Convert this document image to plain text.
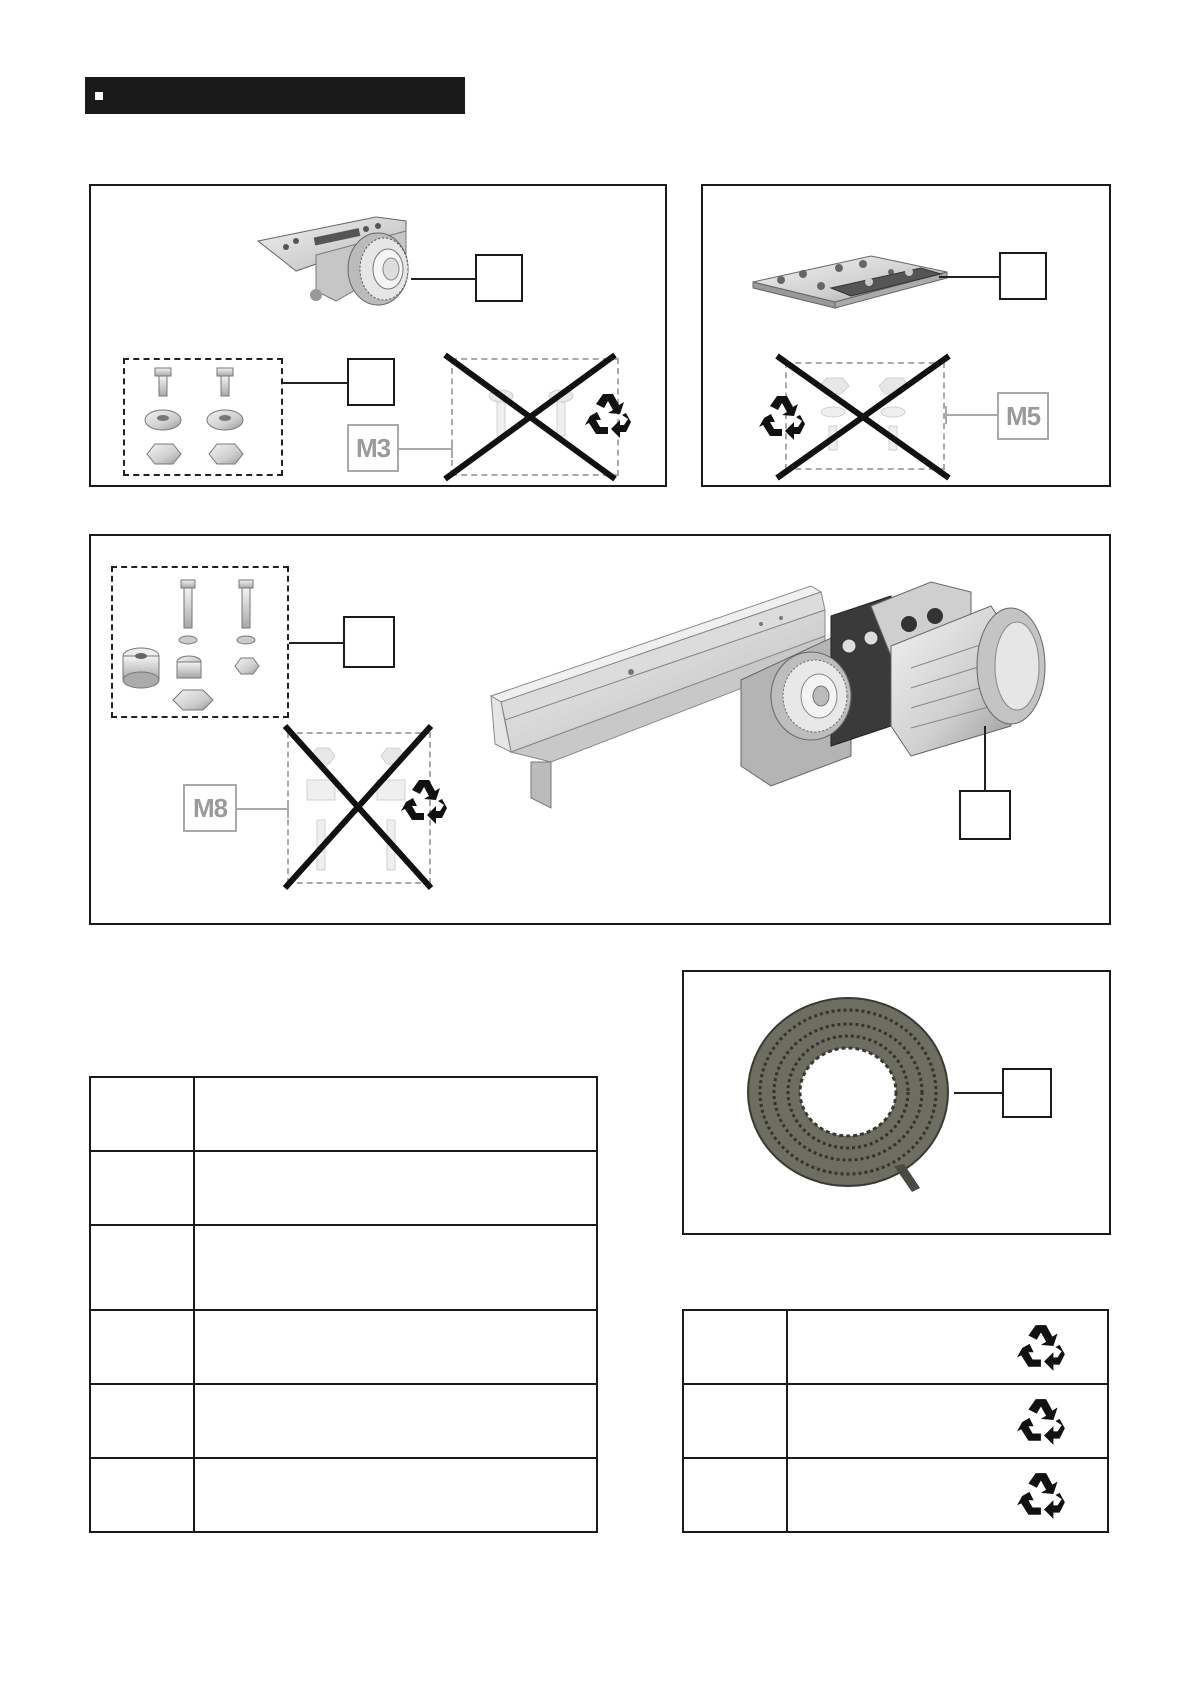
M3
M5
M8
